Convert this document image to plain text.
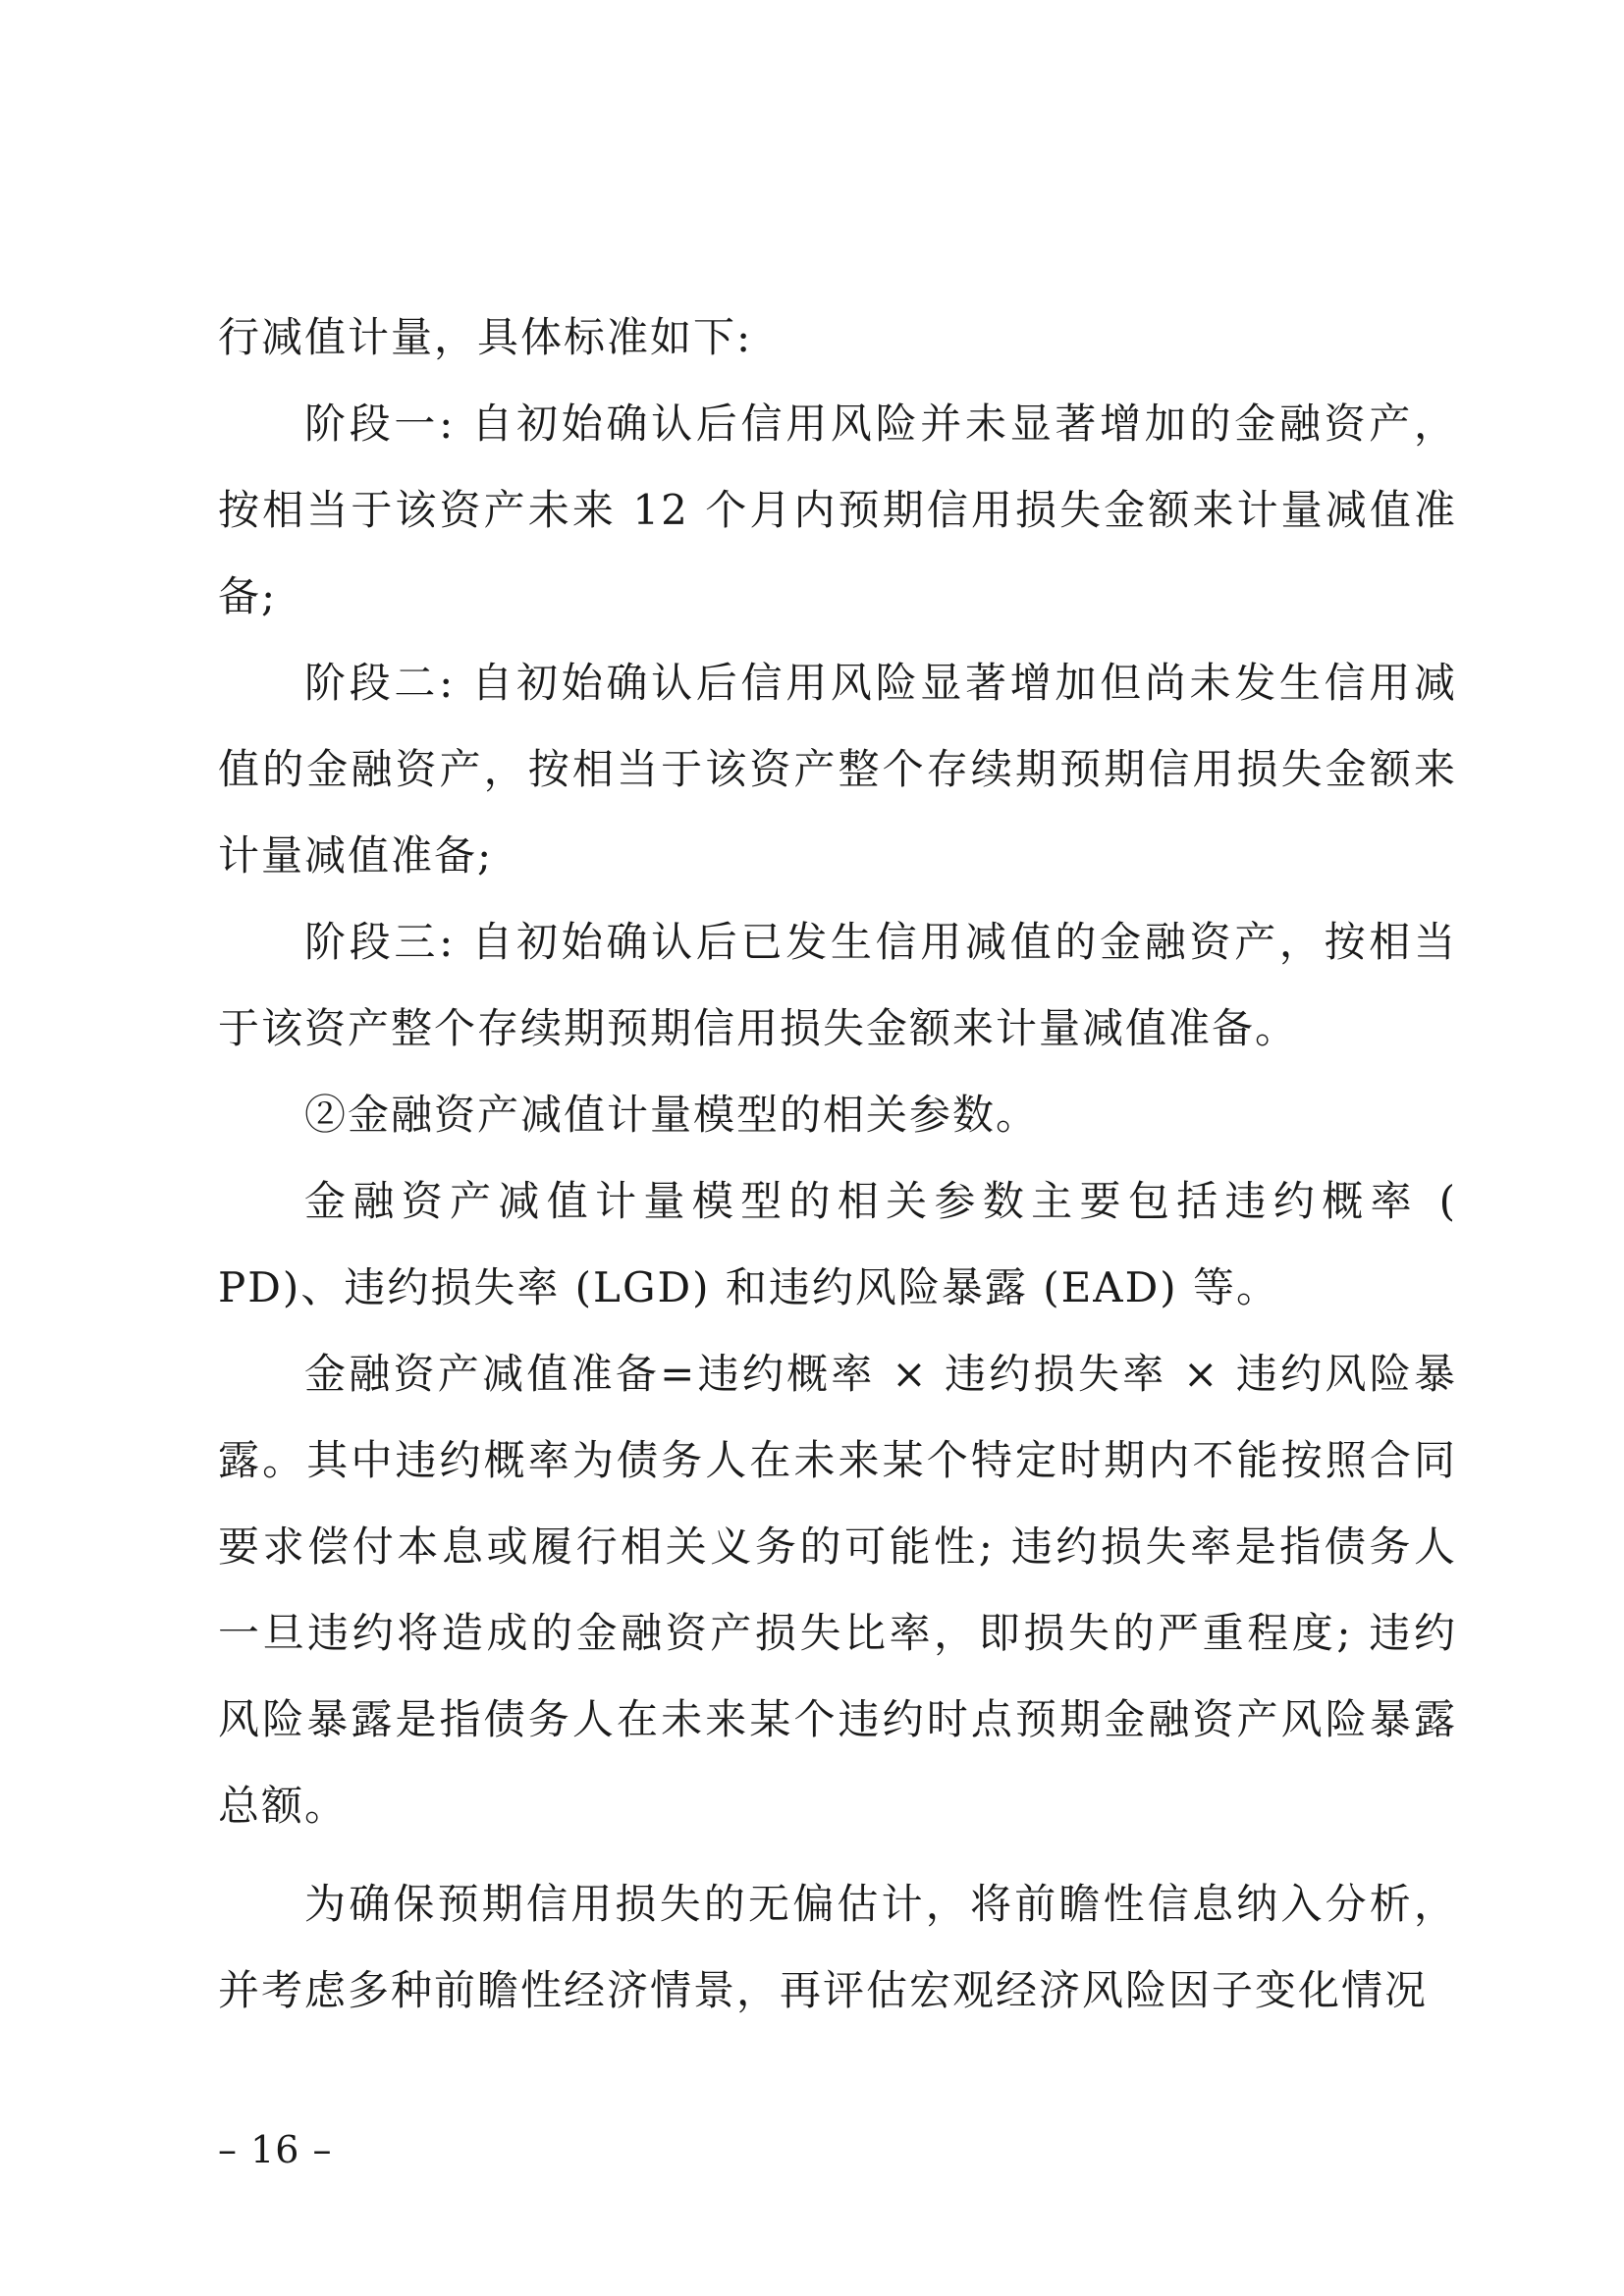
行减值计量，具体标准如下:

阶段一: 自初始确认后信用风险并未显著增加的金融资产，按相当于该资产未来 12 个月内预期信用损失金额来计量减值准备;

阶段二: 自初始确认后信用风险显著增加但尚未发生信用减值的金融资产，按相当于该资产整个存续期预期信用损失金额来计量减值准备;

阶段三: 自初始确认后已发生信用减值的金融资产，按相当于该资产整个存续期预期信用损失金额来计量减值准备。

②金融资产减值计量模型的相关参数。

金融资产减值计量模型的相关参数主要包括违约概率 ( PD)、违约损失率 (LGD) 和违约风险暴露 (EAD) 等。

金融资产减值准备=违约概率 × 违约损失率 × 违约风险暴露。其中违约概率为债务人在未来某个特定时期内不能按照合同要求偿付本息或履行相关义务的可能性; 违约损失率是指债务人一旦违约将造成的金融资产损失比率，即损失的严重程度; 违约风险暴露是指债务人在未来某个违约时点预期金融资产风险暴露总额。

为确保预期信用损失的无偏估计，将前瞻性信息纳入分析，并考虑多种前瞻性经济情景，再评估宏观经济风险因子变化情况

– 16 –
